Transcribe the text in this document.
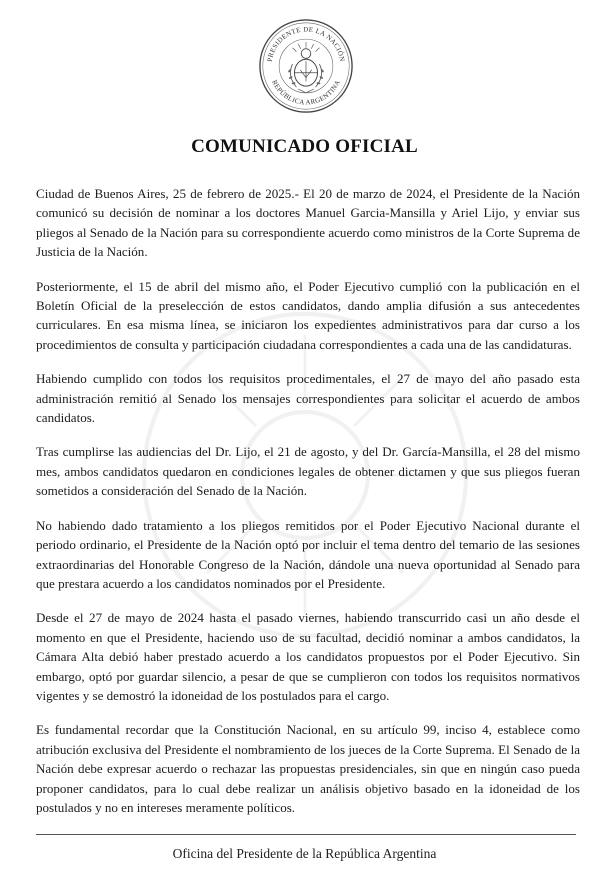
PRESIDENTE DE LA NACIÓN
REPÚBLICA ARGENTINA
COMUNICADO OFICIAL

Ciudad de Buenos Aires, 25 de febrero de 2025.- El 20 de marzo de 2024, el Presidente de la Nación comunicó su decisión de nominar a los doctores Manuel Garcia-Mansilla y Ariel Lijo, y enviar sus pliegos al Senado de la Nación para su correspondiente acuerdo como ministros de la Corte Suprema de Justicia de la Nación.

Posteriormente, el 15 de abril del mismo año, el Poder Ejecutivo cumplió con la publicación en el Boletín Oficial de la preselección de estos candidatos, dando amplia difusión a sus antecedentes curriculares. En esa misma línea, se iniciaron los expedientes administrativos para dar curso a los procedimientos de consulta y participación ciudadana correspondientes a cada una de las candidaturas.

Habiendo cumplido con todos los requisitos procedimentales, el 27 de mayo del año pasado esta administración remitió al Senado los mensajes correspondientes para solicitar el acuerdo de ambos candidatos.

Tras cumplirse las audiencias del Dr. Lijo, el 21 de agosto, y del Dr. García-Mansilla, el 28 del mismo mes, ambos candidatos quedaron en condiciones legales de obtener dictamen y que sus pliegos fueran sometidos a consideración del Senado de la Nación.

No habiendo dado tratamiento a los pliegos remitidos por el Poder Ejecutivo Nacional durante el periodo ordinario, el Presidente de la Nación optó por incluir el tema dentro del temario de las sesiones extraordinarias del Honorable Congreso de la Nación, dándole una nueva oportunidad al Senado para que prestara acuerdo a los candidatos nominados por el Presidente.

Desde el 27 de mayo de 2024 hasta el pasado viernes, habiendo transcurrido casi un año desde el momento en que el Presidente, haciendo uso de su facultad, decidió nominar a ambos candidatos, la Cámara Alta debió haber prestado acuerdo a los candidatos propuestos por el Poder Ejecutivo. Sin embargo, optó por guardar silencio, a pesar de que se cumplieron con todos los requisitos normativos vigentes y se demostró la idoneidad de los postulados para el cargo.

Es fundamental recordar que la Constitución Nacional, en su artículo 99, inciso 4, establece como atribución exclusiva del Presidente el nombramiento de los jueces de la Corte Suprema. El Senado de la Nación debe expresar acuerdo o rechazar las propuestas presidenciales, sin que en ningún caso pueda proponer candidatos, para lo cual debe realizar un análisis objetivo basado en la idoneidad de los postulados y no en intereses meramente políticos.

Oficina del Presidente de la República Argentina
